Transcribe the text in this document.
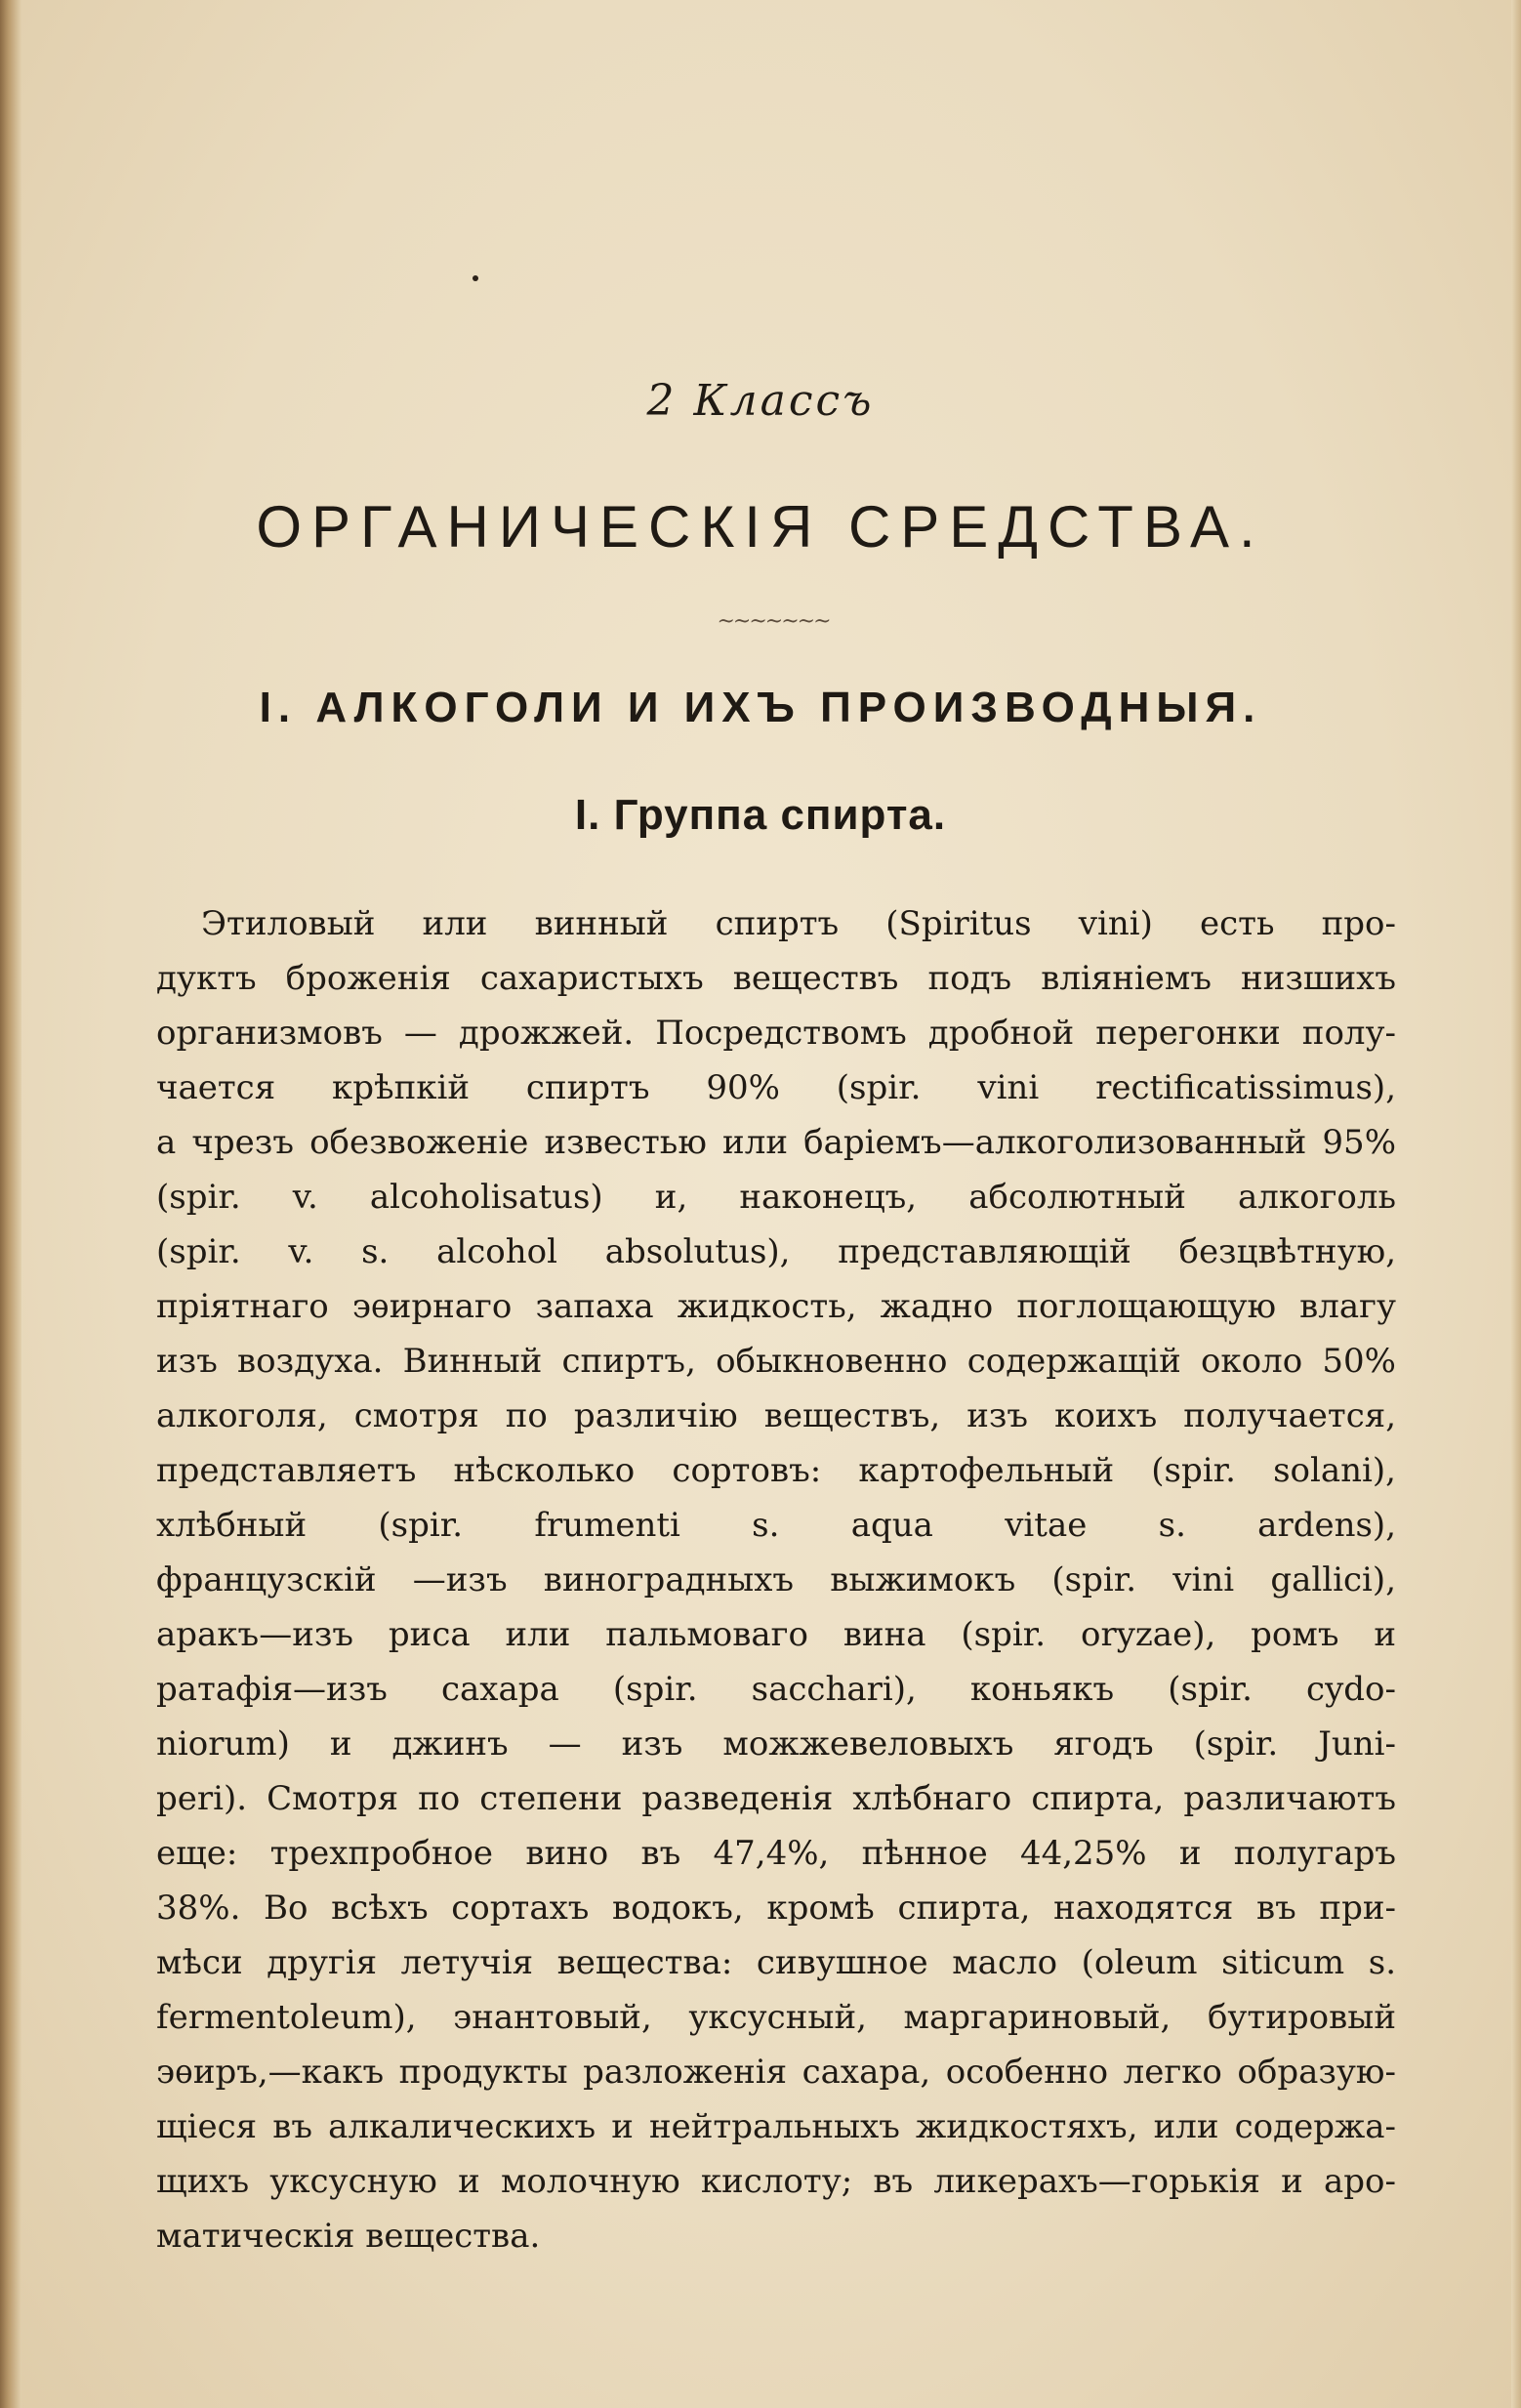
2 Классъ
ОРГАНИЧЕСКІЯ СРЕДСТВА.
~~~~~~~
I. АЛКОГОЛИ И ИХЪ ПРОИЗВОДНЫЯ.
I. Группа спирта.
Этиловый или винный спиртъ (Spiritus vini) есть про-
дуктъ броженія сахаристыхъ веществъ подъ вліяніемъ низшихъ
организмовъ — дрожжей. Посредствомъ дробной перегонки полу-
чается крѣпкій спиртъ 90% (spir. vini rectificatissimus),
а чрезъ обезвоженіе известью или баріемъ—алкоголизованный 95%
(spir. v. alcoholisatus) и, наконецъ, абсолютный алкоголь
(spir. v. s. alcohol absolutus), представляющій безцвѣтную,
пріятнаго эѳирнаго запаха жидкость, жадно поглощающую влагу
изъ воздуха. Винный спиртъ, обыкновенно содержащій около 50%
алкоголя, смотря по различію веществъ, изъ коихъ получается,
представляетъ нѣсколько сортовъ: картофельный (spir. solani),
хлѣбный (spir. frumenti s. aqua vitae s. ardens),
французскій —изъ виноградныхъ выжимокъ (spir. vini gallici),
аракъ—изъ риса или пальмоваго вина (spir. oryzae), ромъ и
ратафія—изъ сахара (spir. sacchari), коньякъ (spir. cydo-
niorum) и джинъ — изъ можжевеловыхъ ягодъ (spir. Juni-
peri). Смотря по степени разведенія хлѣбнаго спирта, различаютъ
еще: трехпробное вино въ 47,4%, пѣнное 44,25% и полугаръ
38%. Во всѣхъ сортахъ водокъ, кромѣ спирта, находятся въ при-
мѣси другія летучія вещества: сивушное масло (oleum siticum s.
fermentoleum), энантовый, уксусный, маргариновый, бутировый
эѳиръ,—какъ продукты разложенія сахара, особенно легко образую-
щіеся въ алкалическихъ и нейтральныхъ жидкостяхъ, или содержа-
щихъ уксусную и молочную кислоту; въ ликерахъ—горькія и аро-
матическія вещества.
